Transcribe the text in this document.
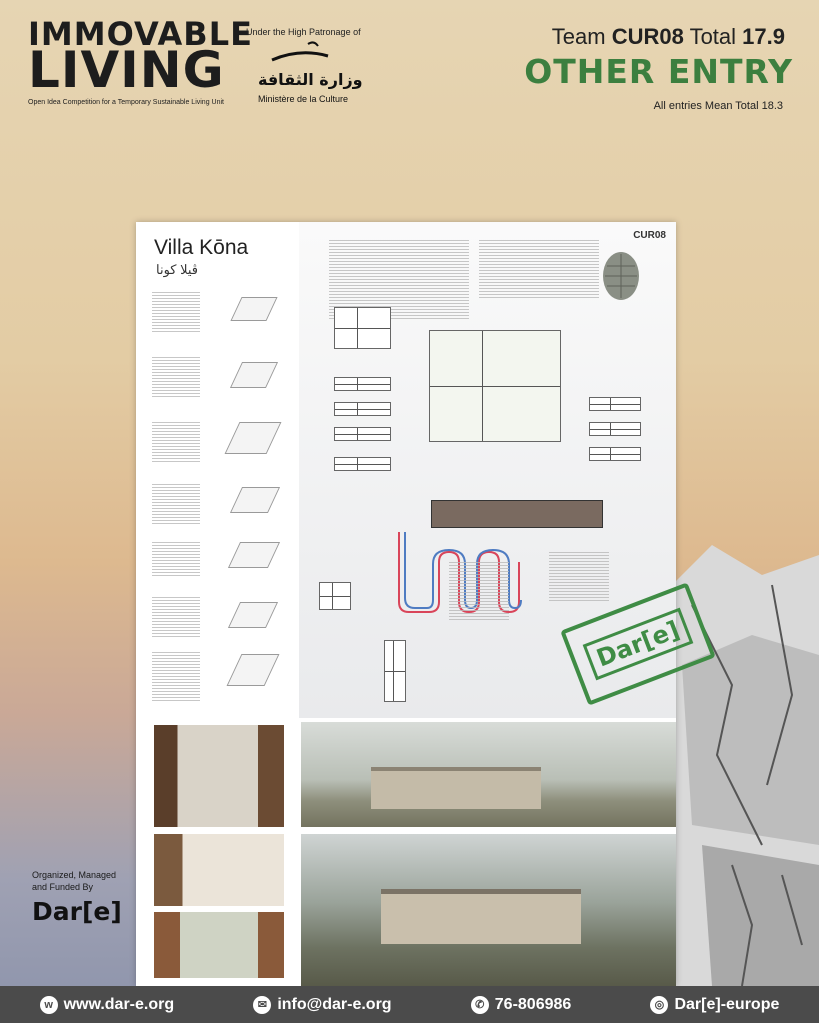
IMMOVABLE
LIVING
Open Idea Competition for a Temporary Sustainable Living Unit
Under the High Patronage of
وزارة الثقافة
Ministère de la Culture
Team CUR08 Total 17.9
OTHER ENTRY
All entries Mean Total 18.3
Villa Kōna
ڤيلا كونا
CUR08
Dar[e]
Organized, Managed and Funded By
Dar[e]
w www.dar-e.org	✉ info@dar-e.org	✆ 76-806986	◎ Dar[e]-europe
